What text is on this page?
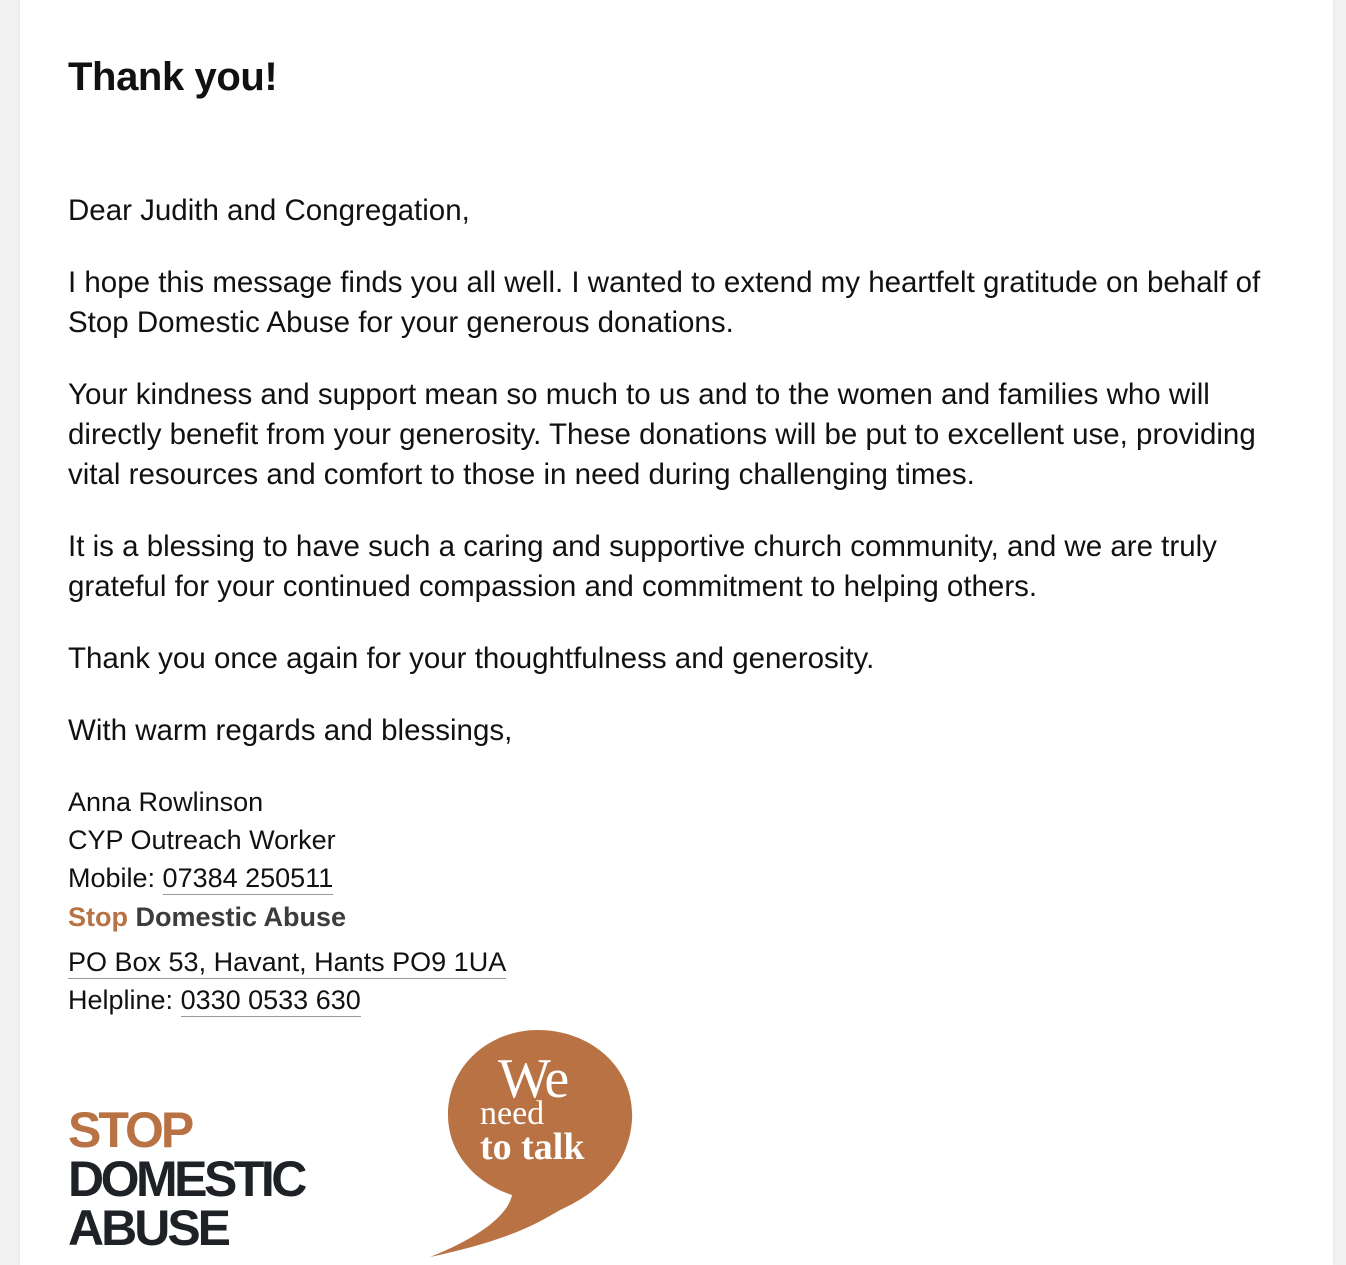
Thank you!

Dear Judith and Congregation,

I hope this message finds you all well. I wanted to extend my heartfelt gratitude on behalf of Stop Domestic Abuse for your generous donations.

Your kindness and support mean so much to us and to the women and families who will directly benefit from your generosity. These donations will be put to excellent use, providing vital resources and comfort to those in need during challenging times.

It is a blessing to have such a caring and supportive church community, and we are truly grateful for your continued compassion and commitment to helping others.

Thank you once again for your thoughtfulness and generosity.

With warm regards and blessings,

Anna Rowlinson
CYP Outreach Worker
Mobile: 07384 250511
Stop Domestic Abuse
PO Box 53, Havant, Hants PO9 1UA
Helpline: 0330 0533 630
STOP
DOMESTIC
ABUSE
We
need
to talk
